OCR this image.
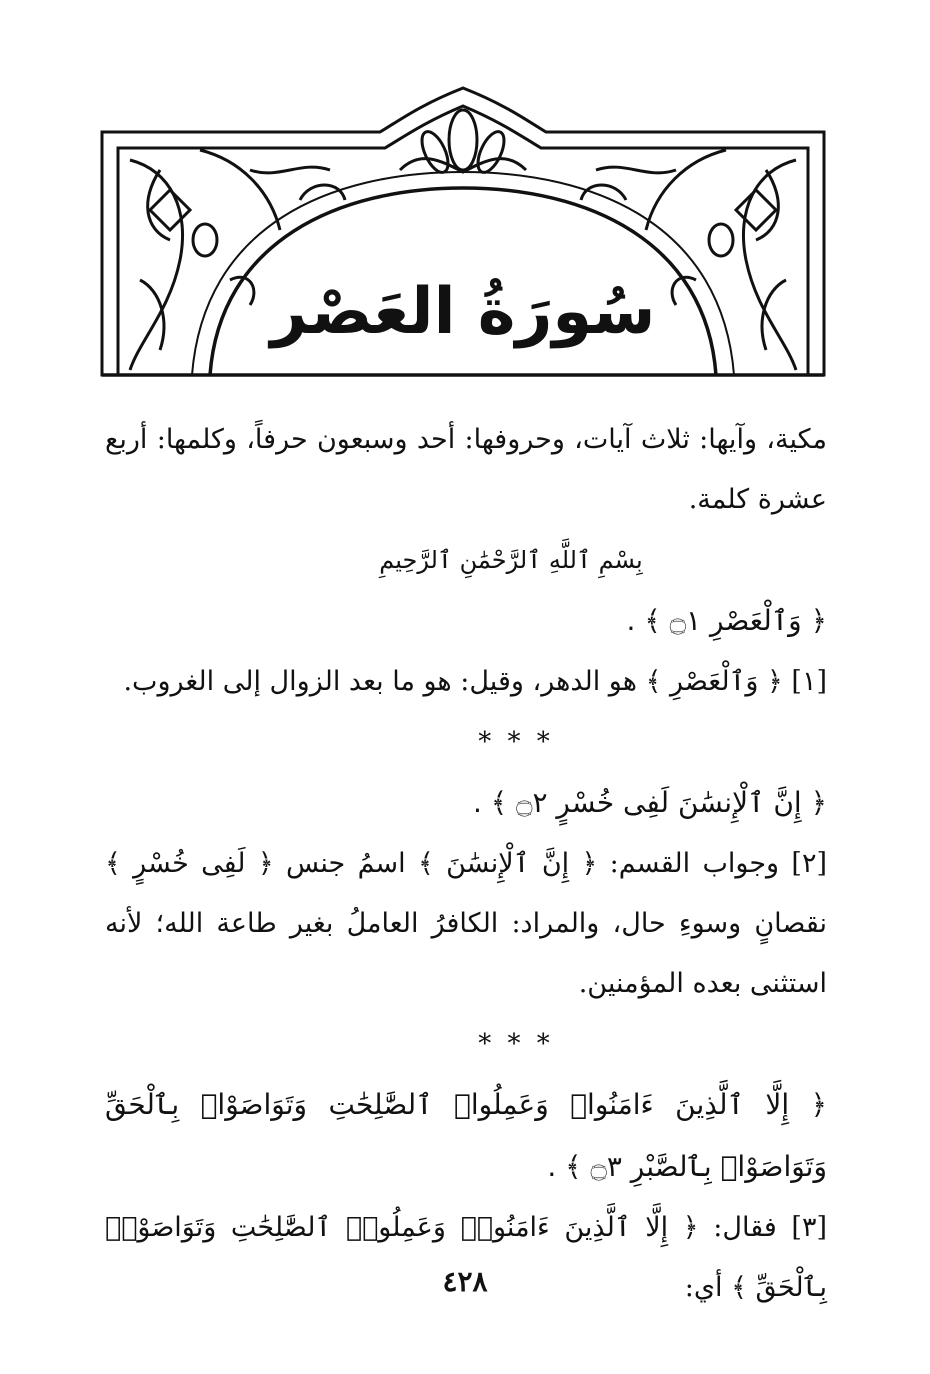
سُورَةُ العَصْر

مكية، وآيها: ثلاث آيات، وحروفها: أحد وسبعون حرفاً، وكلمها: أربع عشرة كلمة.

بِسْمِ ٱللَّهِ ٱلرَّحْمَٰنِ ٱلرَّحِيمِ

﴿ وَٱلْعَصْرِ ۝١ ﴾ .

[١] ﴿ وَٱلْعَصْرِ ﴾ هو الدهر، وقيل: هو ما بعد الزوال إلى الغروب.

* * *

﴿ إِنَّ ٱلْإِنسَٰنَ لَفِى خُسْرٍ ۝٢ ﴾ .

[٢] وجواب القسم: ﴿ إِنَّ ٱلْإِنسَٰنَ ﴾ اسمُ جنس ﴿ لَفِى خُسْرٍ ﴾ نقصانٍ وسوءِ حال، والمراد: الكافرُ العاملُ بغير طاعة الله؛ لأنه استثنى بعده المؤمنين.

* * *

﴿ إِلَّا ٱلَّذِينَ ءَامَنُوا۟ وَعَمِلُوا۟ ٱلصَّٰلِحَٰتِ وَتَوَاصَوْا۟ بِٱلْحَقِّ وَتَوَاصَوْا۟ بِٱلصَّبْرِ ۝٣ ﴾ .

[٣] فقال: ﴿ إِلَّا ٱلَّذِينَ ءَامَنُوا۟ وَعَمِلُوا۟ ٱلصَّٰلِحَٰتِ وَتَوَاصَوْا۟ بِٱلْحَقِّ ﴾ أي:

٤٢٨
